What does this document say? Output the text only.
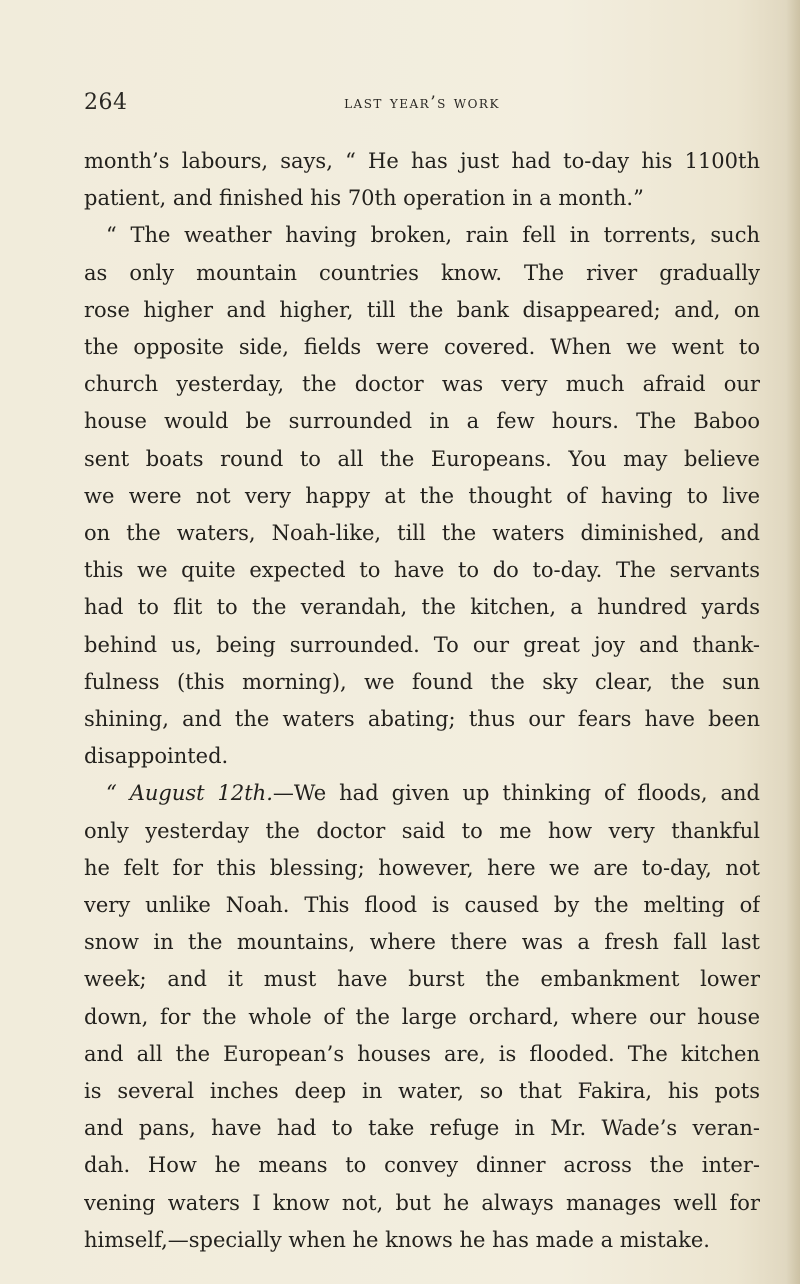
264	last year’s work
month’s labours, says, “ He has just had to-day his 1100th
patient, and finished his 70th operation in a month.”
“ The weather having broken, rain fell in torrents, such
as only mountain countries know. The river gradually
rose higher and higher, till the bank disappeared; and, on
the opposite side, fields were covered. When we went to
church yesterday, the doctor was very much afraid our
house would be surrounded in a few hours. The Baboo
sent boats round to all the Europeans. You may believe
we were not very happy at the thought of having to live
on the waters, Noah-like, till the waters diminished, and
this we quite expected to have to do to-day. The servants
had to flit to the verandah, the kitchen, a hundred yards
behind us, being surrounded. To our great joy and thank-
fulness (this morning), we found the sky clear, the sun
shining, and the waters abating; thus our fears have been
disappointed.
“ August 12th.—We had given up thinking of floods, and
only yesterday the doctor said to me how very thankful
he felt for this blessing; however, here we are to-day, not
very unlike Noah. This flood is caused by the melting of
snow in the mountains, where there was a fresh fall last
week; and it must have burst the embankment lower
down, for the whole of the large orchard, where our house
and all the European’s houses are, is flooded. The kitchen
is several inches deep in water, so that Fakira, his pots
and pans, have had to take refuge in Mr. Wade’s veran-
dah. How he means to convey dinner across the inter-
vening waters I know not, but he always manages well for
himself,—specially when he knows he has made a mistake.
